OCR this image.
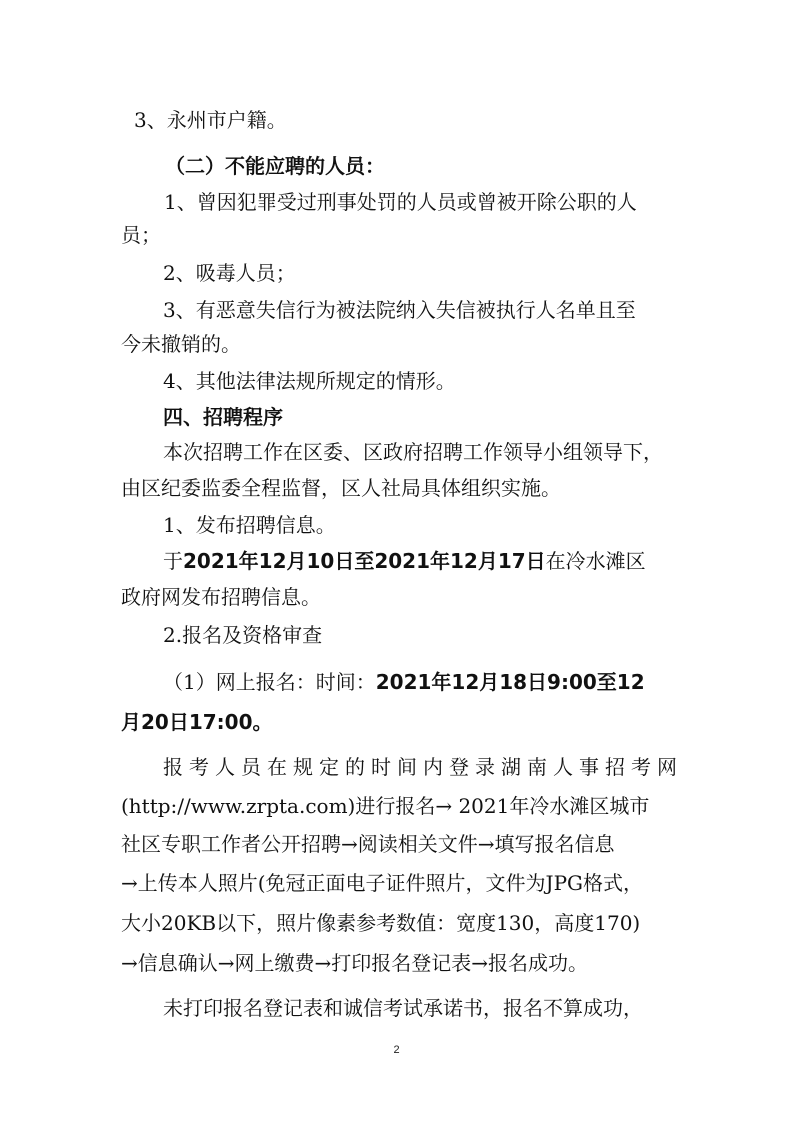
3、永州市户籍。
（二）不能应聘的人员：
1、曾因犯罪受过刑事处罚的人员或曾被开除公职的人
员；
2、吸毒人员；
3、有恶意失信行为被法院纳入失信被执行人名单且至
今未撤销的。
4、其他法律法规所规定的情形。
四、招聘程序
本次招聘工作在区委、区政府招聘工作领导小组领导下，
由区纪委监委全程监督，区人社局具体组织实施。
1、发布招聘信息。
于2021年12月10日至2021年12月17日在冷水滩区
政府网发布招聘信息。
2.报名及资格审查
（1）网上报名：时间：2021年12月18日9:00至12
月20日17:00。
报考人员在规定的时间内登录湖南人事招考网
(http://www.zrpta.com)进行报名→ 2021年冷水滩区城市
社区专职工作者公开招聘→阅读相关文件→填写报名信息
→上传本人照片(免冠正面电子证件照片，文件为JPG格式，
大小20KB以下，照片像素参考数值：宽度130，高度170)
→信息确认→网上缴费→打印报名登记表→报名成功。
未打印报名登记表和诚信考试承诺书，报名不算成功，
2
